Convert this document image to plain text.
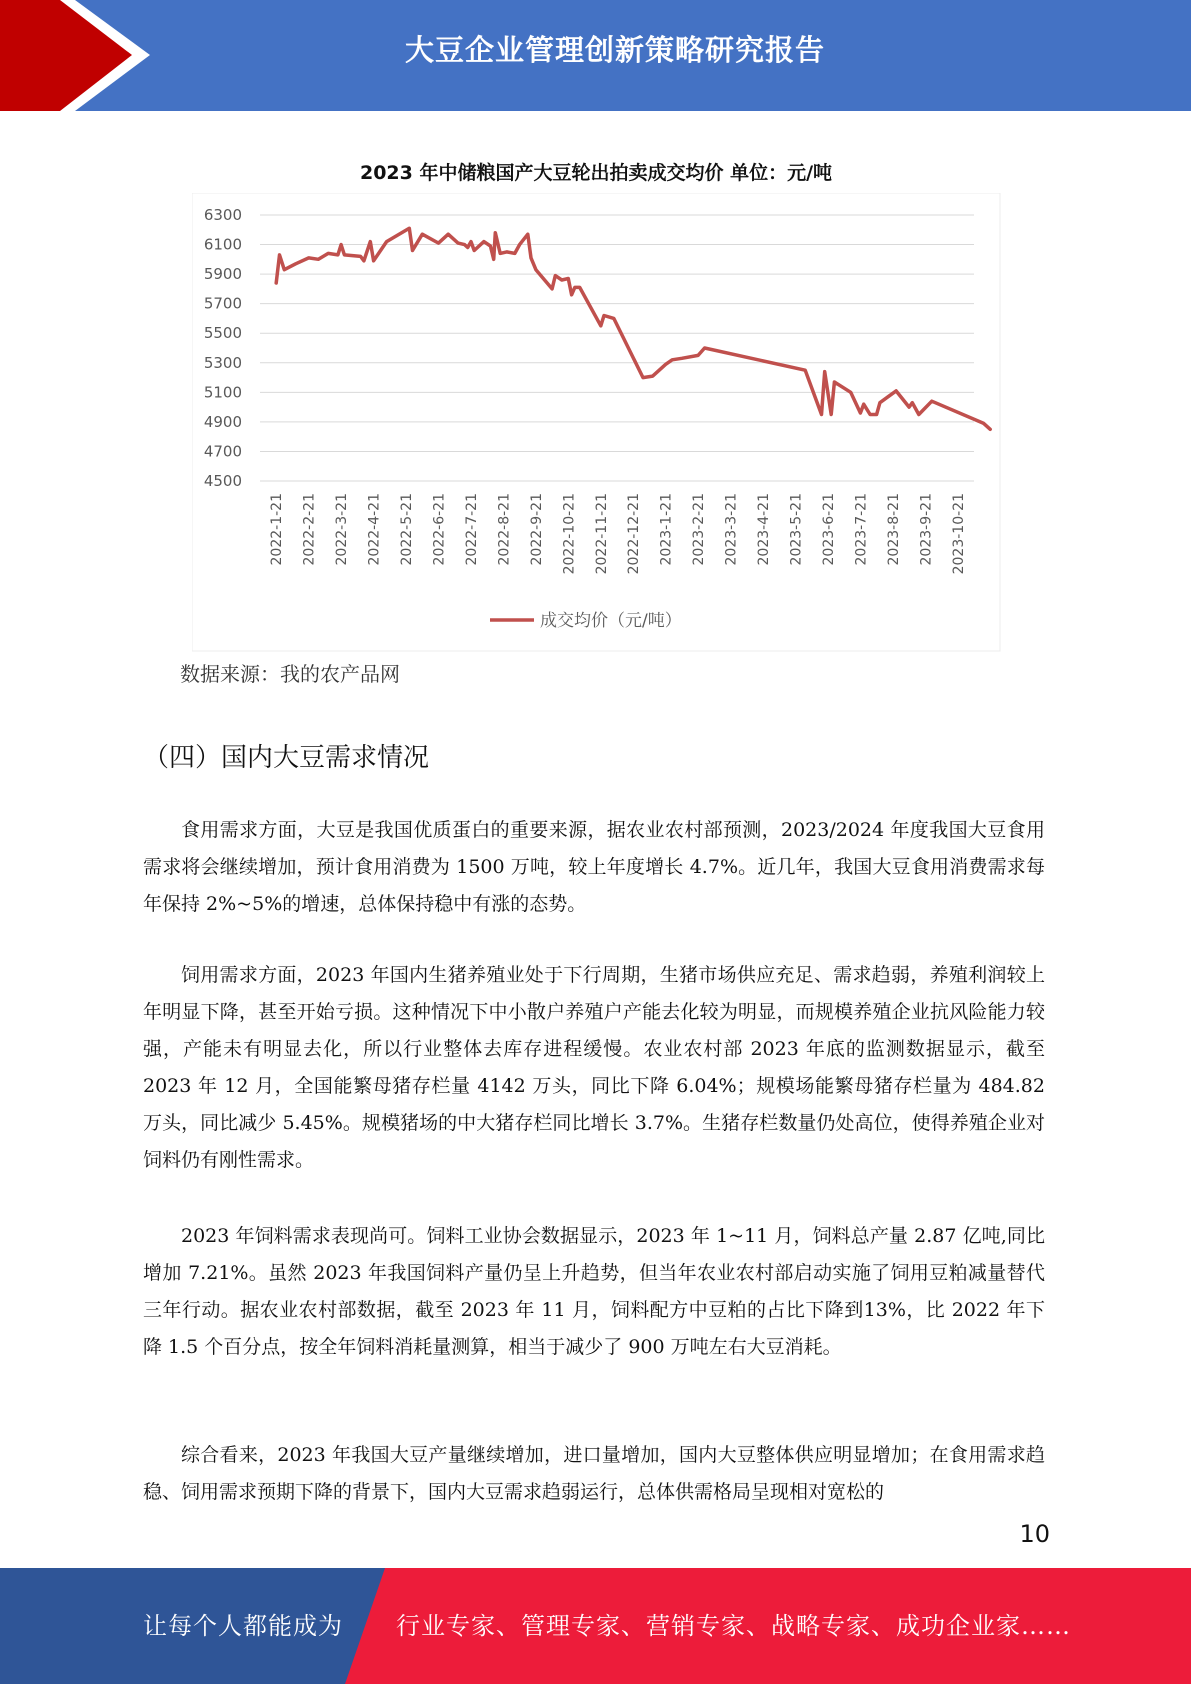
大豆企业管理创新策略研究报告
2023 年中储粮国产大豆轮出拍卖成交均价 单位：元/吨
4500
4700
4900
5100
5300
5500
5700
5900
6100
6300
2022-1-21 2022-2-21 2022-3-21 2022-4-21 2022-5-21 2022-6-21 2022-7-21 2022-8-21 2022-9-21 2022-10-21 2022-11-21 2022-12-21 2023-1-21 2023-2-21 2023-3-21 2023-4-21 2023-5-21 2023-6-21 2023-7-21 2023-8-21 2023-9-21 2023-10-21
成交均价（元/吨）
数据来源：我的农产品网
（四）国内大豆需求情况

食用需求方面，大豆是我国优质蛋白的重要来源，据农业农村部预测，2023/2024 年度我国大豆食用需求将会继续增加，预计食用消费为 1500 万吨，较上年度增长 4.7%。近几年，我国大豆食用消费需求每年保持 2%~5%的增速，总体保持稳中有涨的态势。

饲用需求方面，2023 年国内生猪养殖业处于下行周期，生猪市场供应充足、需求趋弱，养殖利润较上年明显下降，甚至开始亏损。这种情况下中小散户养殖户产能去化较为明显，而规模养殖企业抗风险能力较强，产能未有明显去化，所以行业整体去库存进程缓慢。农业农村部 2023 年底的监测数据显示，截至 2023 年 12 月，全国能繁母猪存栏量 4142 万头，同比下降 6.04%；规模场能繁母猪存栏量为 484.82 万头，同比减少 5.45%。规模猪场的中大猪存栏同比增长 3.7%。生猪存栏数量仍处高位，使得养殖企业对饲料仍有刚性需求。

2023 年饲料需求表现尚可。饲料工业协会数据显示，2023 年 1~11 月，饲料总产量 2.87 亿吨,同比增加 7.21%。虽然 2023 年我国饲料产量仍呈上升趋势，但当年农业农村部启动实施了饲用豆粕减量替代三年行动。据农业农村部数据，截至 2023 年 11 月，饲料配方中豆粕的占比下降到13%，比 2022 年下降 1.5 个百分点，按全年饲料消耗量测算，相当于减少了 900 万吨左右大豆消耗。

综合看来，2023 年我国大豆产量继续增加，进口量增加，国内大豆整体供应明显增加；在食用需求趋稳、饲用需求预期下降的背景下，国内大豆需求趋弱运行，总体供需格局呈现相对宽松的

10
让每个人都能成为 行业专家、管理专家、营销专家、战略专家、成功企业家……
